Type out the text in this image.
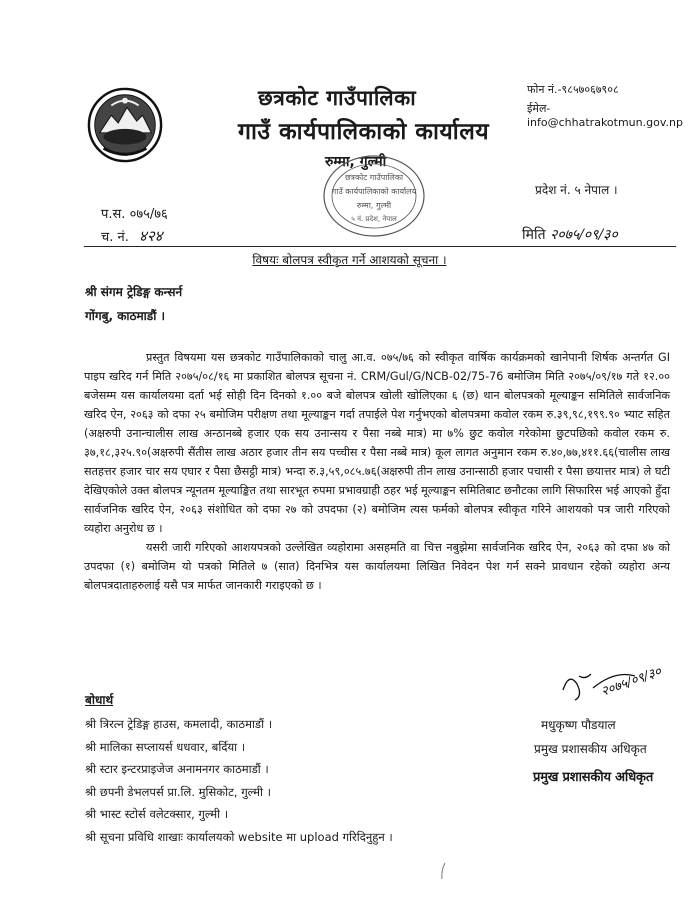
छत्रकोट गाउँपालिका
गाउँ कार्यपालिकाको कार्यालय
रुम्मा, गुल्मी
फोन नं.-९८५७०६७९०८
ईमेल-info@chhatrakotmun.gov.np
प्रदेश नं. ५ नेपाल ।
छत्रकोट गाउँपालिका
गाउँ कार्यपालिकाको कार्यालय
रुम्मा, गुल्मी
५ नं. प्रदेश, नेपाल
प.स. ०७५/७६
च. नं. ४२४	मिति २०७५/०९/३०
विषयः बोलपत्र स्वीकृत गर्ने आशयको सूचना ।
श्री संगम ट्रेडिङ्ग कन्सर्न
गोंगबु, काठमाडौं ।

प्रस्तुत विषयमा यस छत्रकोट गाउँपालिकाको चालु आ.व. ०७५/७६ को स्वीकृत वार्षिक कार्यक्रमको खानेपानी शिर्षक अन्तर्गत GI पाइप खरिद गर्न मिति २०७५/०८/१६ मा प्रकाशित बोलपत्र सूचना नं. CRM/Gul/G/NCB-02/75-76 बमोजिम मिति २०७५/०९/१७ गते १२.०० बजेसम्म यस कार्यालयमा दर्ता भई सोही दिन दिनको १.०० बजे बोलपत्र खोली खोलिएका ६ (छ) थान बोलपत्रको मूल्याङ्कन समितिले सार्वजनिक खरिद ऐन, २०६३ को दफा २५ बमोजिम परीक्षण तथा मूल्याङ्कन गर्दा तपाईले पेश गर्नुभएको बोलपत्रमा कवोल रकम रु.३९,९८,१९९.९० भ्याट सहित (अक्षरुपी उनान्चालीस लाख अन्ठानब्बे हजार एक सय उनान्सय र पैसा नब्बे मात्र) मा ७% छुट कवोल गरेकोमा छुटपछिको कवोल रकम रु. ३७,१८,३२५.९०(अक्षरुपी सैंतीस लाख अठार हजार तीन सय पच्चीस र पैसा नब्बे मात्र) कूल लागत अनुमान रकम रु.४०,७७,४११.६६(चालीस लाख सतहत्तर हजार चार सय एघार र पैसा छैसट्ठी मात्र) भन्दा रु.३,५९,०८५.७६(अक्षरुपी तीन लाख उनान्साठी हजार पचासी र पैसा छयात्तर मात्र) ले घटी देखिएकोले उक्त बोलपत्र न्यूनतम मूल्याङ्कित तथा सारभूत रुपमा प्रभावग्राही ठहर भई मूल्याङ्कन समितिबाट छनौटका लागि सिफारिस भई आएको हुँदा सार्वजनिक खरिद ऐन, २०६३ संशोधित को दफा २७ को उपदफा (२) बमोजिम त्यस फर्मको बोलपत्र स्वीकृत गरिने आशयको पत्र जारी गरिएको व्यहोरा अनुरोध छ ।

यसरी जारी गरिएको आशयपत्रको उल्लेखित व्यहोरामा असहमति वा चित्त नबुझेमा सार्वजनिक खरिद ऐन, २०६३ को दफा ४७ को उपदफा (१) बमोजिम यो पत्रको मितिले ७ (सात) दिनभित्र यस कार्यालयमा लिखित निवेदन पेश गर्न सक्ने प्रावधान रहेको व्यहोरा अन्य बोलपत्रदाताहरुलाई यसै पत्र मार्फत जानकारी गराइएको छ ।

२०७५/०९/३०
मधुकृष्ण पौडयाल
प्रमुख प्रशासकीय अधिकृत
प्रमुख प्रशासकीय अधिकृत
बोधार्थ
श्री त्रिरत्न ट्रेडिङ्ग हाउस, कमलादी, काठमाडौं ।
श्री मालिका सप्लायर्स धधवार, बर्दिया ।
श्री स्टार इन्टरप्राइजेज अनामनगर काठमाडौं ।
श्री छपनी डेभलपर्स प्रा.लि. मुसिकोट, गुल्मी ।
श्री भास्ट स्टोर्स वलेटक्सार, गुल्मी ।
श्री सूचना प्रविधि शाखाः कार्यालयको website मा upload गरिदिनुहुन ।
